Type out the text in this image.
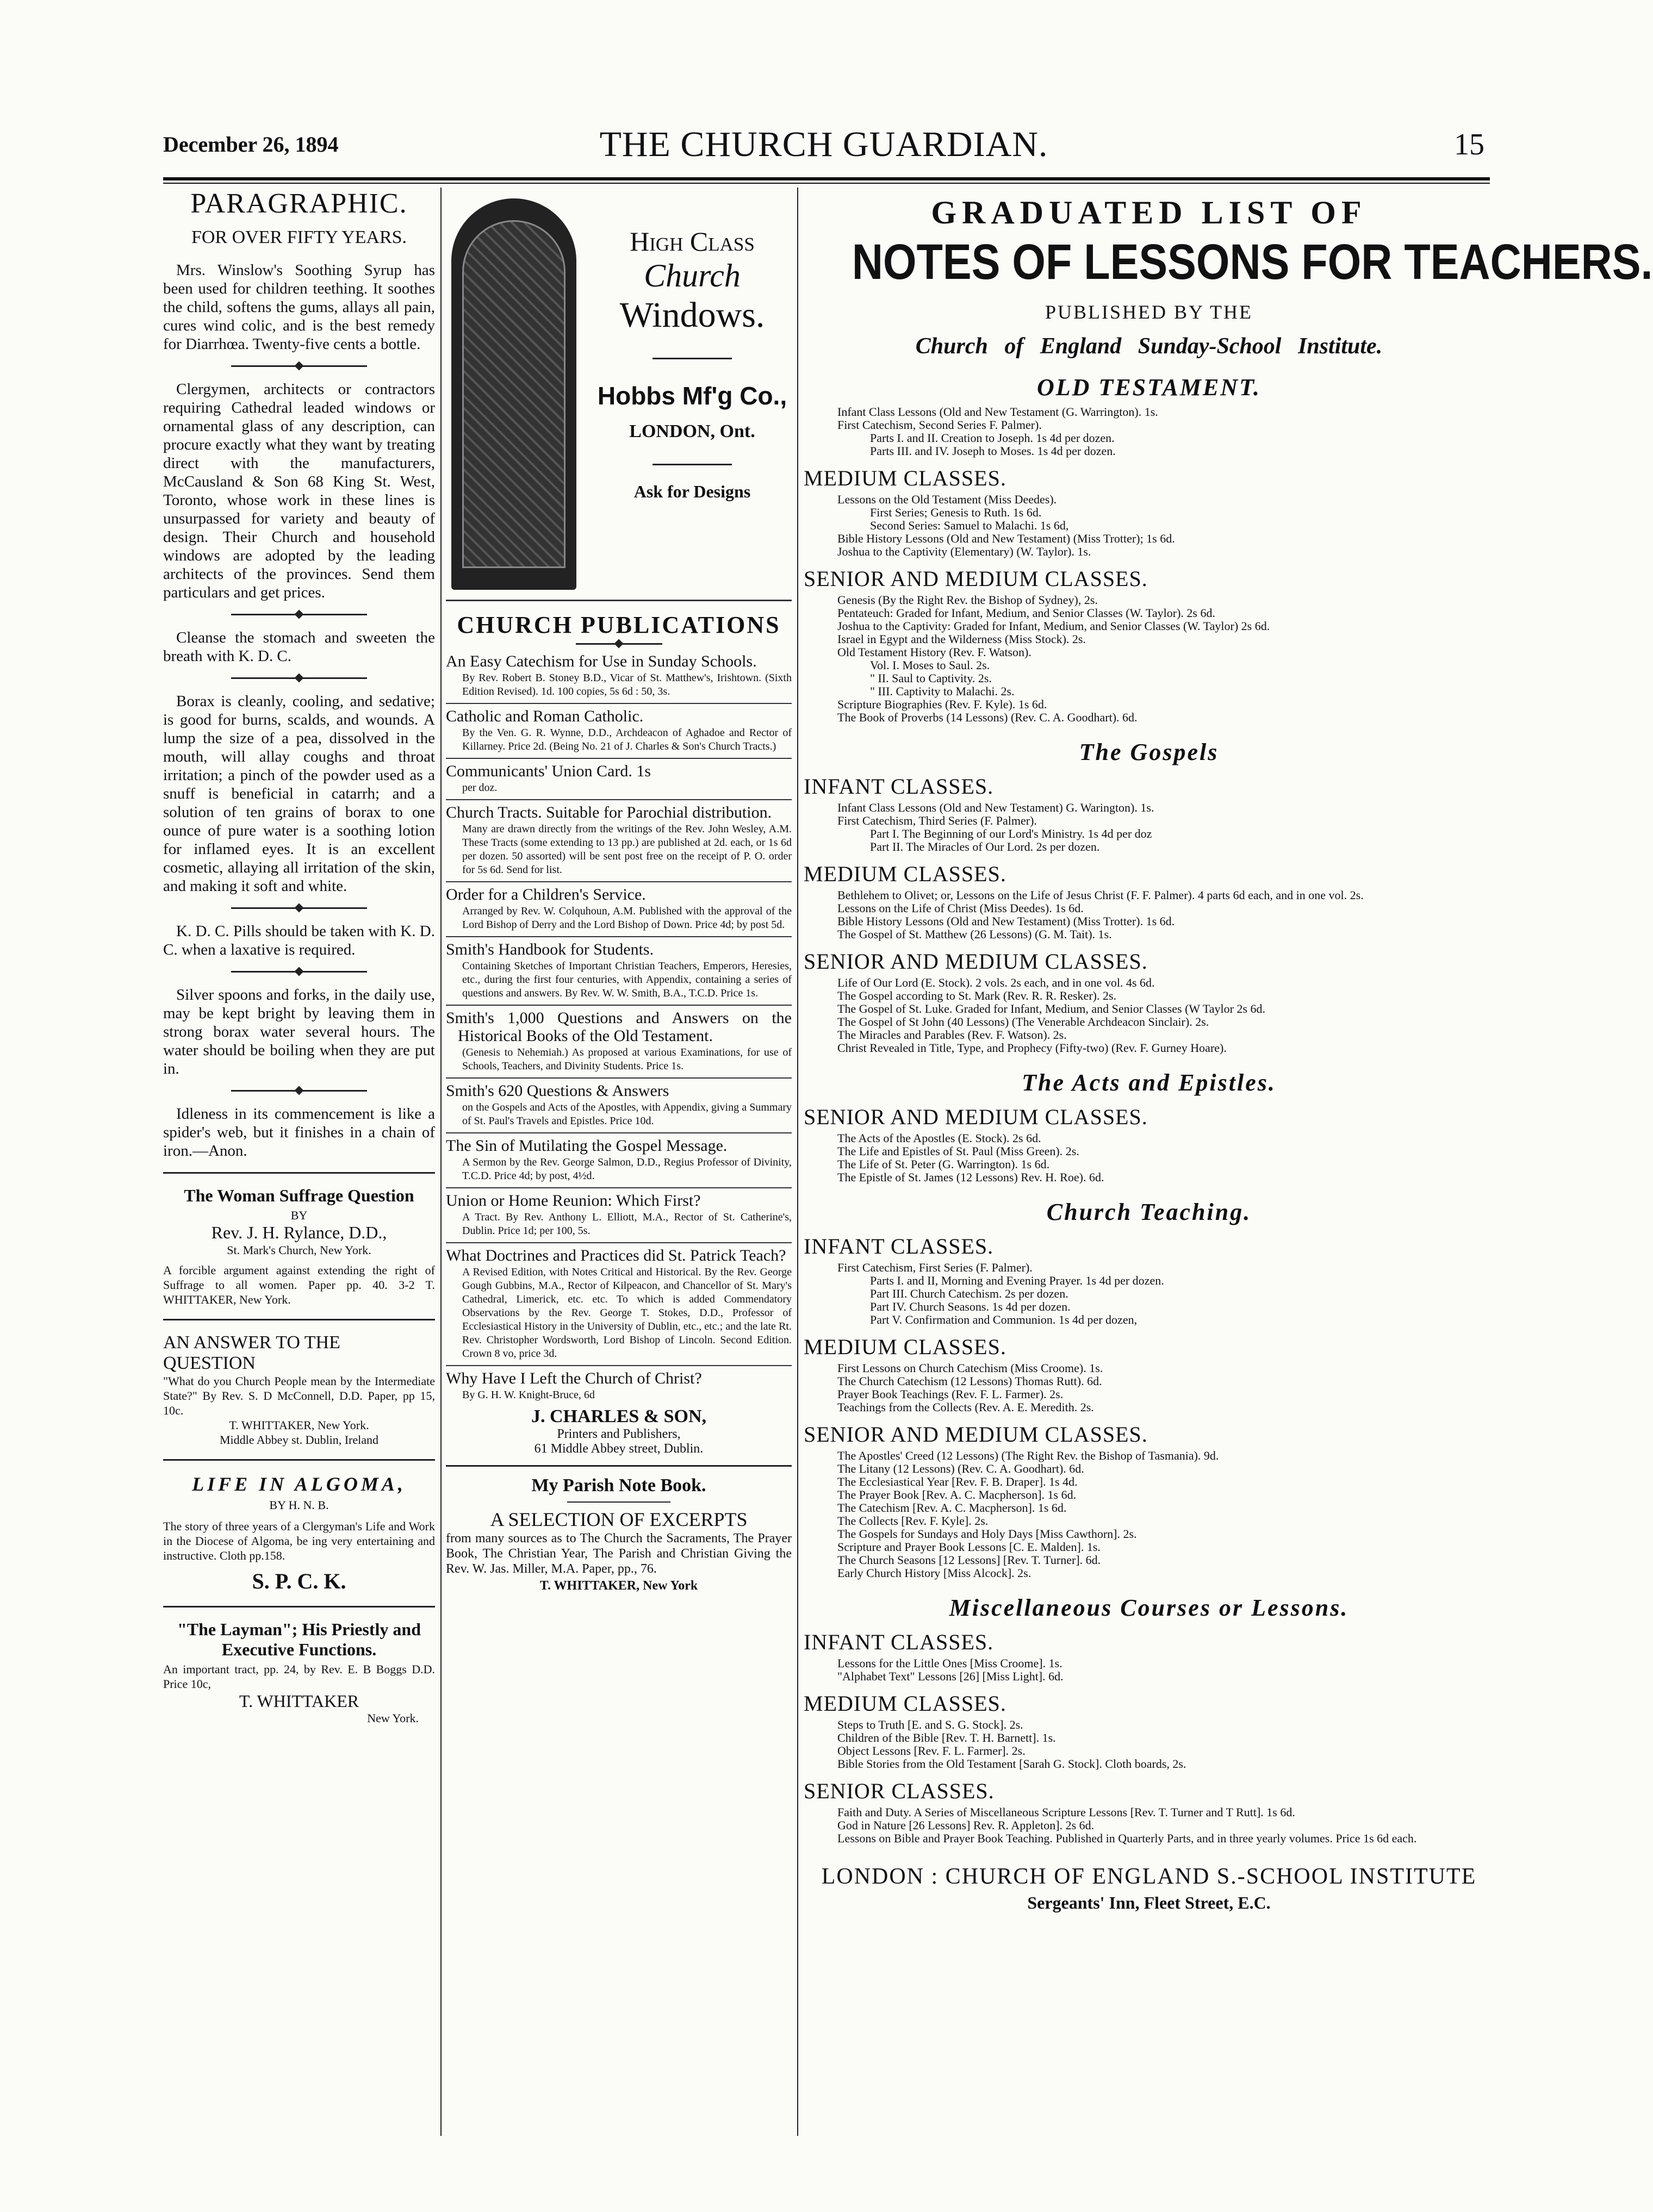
December 26, 1894	THE CHURCH GUARDIAN.	15
PARAGRAPHIC.
FOR OVER FIFTY YEARS.

Mrs. Winslow's Soothing Syrup has been used for children teething. It soothes the child, softens the gums, allays all pain, cures wind colic, and is the best remedy for Diarrhœa. Twenty-five cents a bottle.

Clergymen, architects or contractors requiring Cathedral leaded windows or ornamental glass of any description, can procure exactly what they want by treating direct with the manufacturers, McCausland & Son 68 King St. West, Toronto, whose work in these lines is unsurpassed for variety and beauty of design. Their Church and household windows are adopted by the leading architects of the provinces. Send them particulars and get prices.

Cleanse the stomach and sweeten the breath with K. D. C.

Borax is cleanly, cooling, and sedative; is good for burns, scalds, and wounds. A lump the size of a pea, dissolved in the mouth, will allay coughs and throat irritation; a pinch of the powder used as a snuff is beneficial in catarrh; and a solution of ten grains of borax to one ounce of pure water is a soothing lotion for inflamed eyes. It is an excellent cosmetic, allaying all irritation of the skin, and making it soft and white.

K. D. C. Pills should be taken with K. D. C. when a laxative is required.

Silver spoons and forks, in the daily use, may be kept bright by leaving them in strong borax water several hours. The water should be boiling when they are put in.

Idleness in its commencement is like a spider's web, but it finishes in a chain of iron.—Anon.

The Woman Suffrage Question
BY
Rev. J. H. Rylance, D.D.,
St. Mark's Church, New York.
A forcible argument against extending the right of Suffrage to all women. Paper pp. 40. 3-2 T. WHITTAKER, New York.
AN ANSWER TO THE QUESTION
"What do you Church People mean by the Intermediate State?" By Rev. S. D McConnell, D.D. Paper, pp 15, 10c.
T. WHITTAKER, New York.
Middle Abbey st. Dublin, Ireland
LIFE IN ALGOMA,
BY H. N. B.
The story of three years of a Clergyman's Life and Work in the Diocese of Algoma, be ing very entertaining and instructive. Cloth pp.158.
S. P. C. K.
"The Layman"; His Priestly and Executive Functions.
An important tract, pp. 24, by Rev. E. B Boggs D.D. Price 10c,
T. WHITTAKER
New York.
High Class
Church
Windows.
Hobbs Mf'g Co.,
LONDON, Ont.
Ask for Designs
CHURCH PUBLICATIONS
An Easy Catechism for Use in Sunday Schools.
By Rev. Robert B. Stoney B.D., Vicar of St. Matthew's, Irishtown. (Sixth Edition Revised). 1d. 100 copies, 5s 6d : 50, 3s.
Catholic and Roman Catholic.
By the Ven. G. R. Wynne, D.D., Archdeacon of Aghadoe and Rector of Killarney. Price 2d. (Being No. 21 of J. Charles & Son's Church Tracts.)
Communicants' Union Card. 1s
per doz.
Church Tracts. Suitable for Parochial distribution.
Many are drawn directly from the writings of the Rev. John Wesley, A.M. These Tracts (some extending to 13 pp.) are published at 2d. each, or 1s 6d per dozen. 50 assorted) will be sent post free on the receipt of P. O. order for 5s 6d. Send for list.
Order for a Children's Service.
Arranged by Rev. W. Colquhoun, A.M. Published with the approval of the Lord Bishop of Derry and the Lord Bishop of Down. Price 4d; by post 5d.
Smith's Handbook for Students.
Containing Sketches of Important Christian Teachers, Emperors, Heresies, etc., during the first four centuries, with Appendix, containing a series of questions and answers. By Rev. W. W. Smith, B.A., T.C.D. Price 1s.
Smith's 1,000 Questions and Answers on the Historical Books of the Old Testament.
(Genesis to Nehemiah.) As proposed at various Examinations, for use of Schools, Teachers, and Divinity Students. Price 1s.
Smith's 620 Questions & Answers
on the Gospels and Acts of the Apostles, with Appendix, giving a Summary of St. Paul's Travels and Epistles. Price 10d.
The Sin of Mutilating the Gospel Message.
A Sermon by the Rev. George Salmon, D.D., Regius Professor of Divinity, T.C.D. Price 4d; by post, 4½d.
Union or Home Reunion: Which First?
A Tract. By Rev. Anthony L. Elliott, M.A., Rector of St. Catherine's, Dublin. Price 1d; per 100, 5s.
What Doctrines and Practices did St. Patrick Teach?
A Revised Edition, with Notes Critical and Historical. By the Rev. George Gough Gubbins, M.A., Rector of Kilpeacon, and Chancellor of St. Mary's Cathedral, Limerick, etc. etc. To which is added Commendatory Observations by the Rev. George T. Stokes, D.D., Professor of Ecclesiastical History in the University of Dublin, etc., etc.; and the late Rt. Rev. Christopher Wordsworth, Lord Bishop of Lincoln. Second Edition. Crown 8 vo, price 3d.
Why Have I Left the Church of Christ?
By G. H. W. Knight-Bruce, 6d
J. CHARLES & SON,
Printers and Publishers,
61 Middle Abbey street, Dublin.
My Parish Note Book.
A SELECTION OF EXCERPTS
from many sources as to The Church the Sacraments, The Prayer Book, The Christian Year, The Parish and Christian Giving the Rev. W. Jas. Miller, M.A. Paper, pp., 76.
T. WHITTAKER, New York
GRADUATED LIST OF
NOTES OF LESSONS FOR TEACHERS.
PUBLISHED BY THE
Church of England Sunday-School Institute.
OLD TESTAMENT.
Infant Class Lessons (Old and New Testament (G. Warrington). 1s.
First Catechism, Second Series F. Palmer).
Parts I. and II. Creation to Joseph. 1s 4d per dozen.
Parts III. and IV. Joseph to Moses. 1s 4d per dozen.
MEDIUM CLASSES.
Lessons on the Old Testament (Miss Deedes).
First Series; Genesis to Ruth. 1s 6d.
Second Series: Samuel to Malachi. 1s 6d,
Bible History Lessons (Old and New Testament) (Miss Trotter); 1s 6d.
Joshua to the Captivity (Elementary) (W. Taylor). 1s.
SENIOR AND MEDIUM CLASSES.
Genesis (By the Right Rev. the Bishop of Sydney), 2s.
Pentateuch: Graded for Infant, Medium, and Senior Classes (W. Taylor). 2s 6d.
Joshua to the Captivity: Graded for Infant, Medium, and Senior Classes (W. Taylor) 2s 6d.
Israel in Egypt and the Wilderness (Miss Stock). 2s.
Old Testament History (Rev. F. Watson).
Vol. I. Moses to Saul. 2s.
" II. Saul to Captivity. 2s.
" III. Captivity to Malachi. 2s.
Scripture Biographies (Rev. F. Kyle). 1s 6d.
The Book of Proverbs (14 Lessons) (Rev. C. A. Goodhart). 6d.
The Gospels
INFANT CLASSES.
Infant Class Lessons (Old and New Testament) G. Warington). 1s.
First Catechism, Third Series (F. Palmer).
Part I. The Beginning of our Lord's Ministry. 1s 4d per doz
Part II. The Miracles of Our Lord. 2s per dozen.
MEDIUM CLASSES.
Bethlehem to Olivet; or, Lessons on the Life of Jesus Christ (F. F. Palmer). 4 parts 6d each, and in one vol. 2s.
Lessons on the Life of Christ (Miss Deedes). 1s 6d.
Bible History Lessons (Old and New Testament) (Miss Trotter). 1s 6d.
The Gospel of St. Matthew (26 Lessons) (G. M. Tait). 1s.
SENIOR AND MEDIUM CLASSES.
Life of Our Lord (E. Stock). 2 vols. 2s each, and in one vol. 4s 6d.
The Gospel according to St. Mark (Rev. R. R. Resker). 2s.
The Gospel of St. Luke. Graded for Infant, Medium, and Senior Classes (W Taylor 2s 6d.
The Gospel of St John (40 Lessons) (The Venerable Archdeacon Sinclair). 2s.
The Miracles and Parables (Rev. F. Watson). 2s.
Christ Revealed in Title, Type, and Prophecy (Fifty-two) (Rev. F. Gurney Hoare).
The Acts and Epistles.
SENIOR AND MEDIUM CLASSES.
The Acts of the Apostles (E. Stock). 2s 6d.
The Life and Epistles of St. Paul (Miss Green). 2s.
The Life of St. Peter (G. Warrington). 1s 6d.
The Epistle of St. James (12 Lessons) Rev. H. Roe). 6d.
Church Teaching.
INFANT CLASSES.
First Catechism, First Series (F. Palmer).
Parts I. and II, Morning and Evening Prayer. 1s 4d per dozen.
Part III. Church Catechism. 2s per dozen.
Part IV. Church Seasons. 1s 4d per dozen.
Part V. Confirmation and Communion. 1s 4d per dozen,
MEDIUM CLASSES.
First Lessons on Church Catechism (Miss Croome). 1s.
The Church Catechism (12 Lessons) Thomas Rutt). 6d.
Prayer Book Teachings (Rev. F. L. Farmer). 2s.
Teachings from the Collects (Rev. A. E. Meredith. 2s.
SENIOR AND MEDIUM CLASSES.
The Apostles' Creed (12 Lessons) (The Right Rev. the Bishop of Tasmania). 9d.
The Litany (12 Lessons) (Rev. C. A. Goodhart). 6d.
The Ecclesiastical Year [Rev. F. B. Draper]. 1s 4d.
The Prayer Book [Rev. A. C. Macpherson]. 1s 6d.
The Catechism [Rev. A. C. Macpherson]. 1s 6d.
The Collects [Rev. F. Kyle]. 2s.
The Gospels for Sundays and Holy Days [Miss Cawthorn]. 2s.
Scripture and Prayer Book Lessons [C. E. Malden]. 1s.
The Church Seasons [12 Lessons] [Rev. T. Turner]. 6d.
Early Church History [Miss Alcock]. 2s.
Miscellaneous Courses or Lessons.
INFANT CLASSES.
Lessons for the Little Ones [Miss Croome]. 1s.
"Alphabet Text" Lessons [26] [Miss Light]. 6d.
MEDIUM CLASSES.
Steps to Truth [E. and S. G. Stock]. 2s.
Children of the Bible [Rev. T. H. Barnett]. 1s.
Object Lessons [Rev. F. L. Farmer]. 2s.
Bible Stories from the Old Testament [Sarah G. Stock]. Cloth boards, 2s.
SENIOR CLASSES.
Faith and Duty. A Series of Miscellaneous Scripture Lessons [Rev. T. Turner and T Rutt]. 1s 6d.
God in Nature [26 Lessons] Rev. R. Appleton]. 2s 6d.
Lessons on Bible and Prayer Book Teaching. Published in Quarterly Parts, and in three yearly volumes. Price 1s 6d each.
LONDON : CHURCH OF ENGLAND S.-SCHOOL INSTITUTE
Sergeants' Inn, Fleet Street, E.C.
